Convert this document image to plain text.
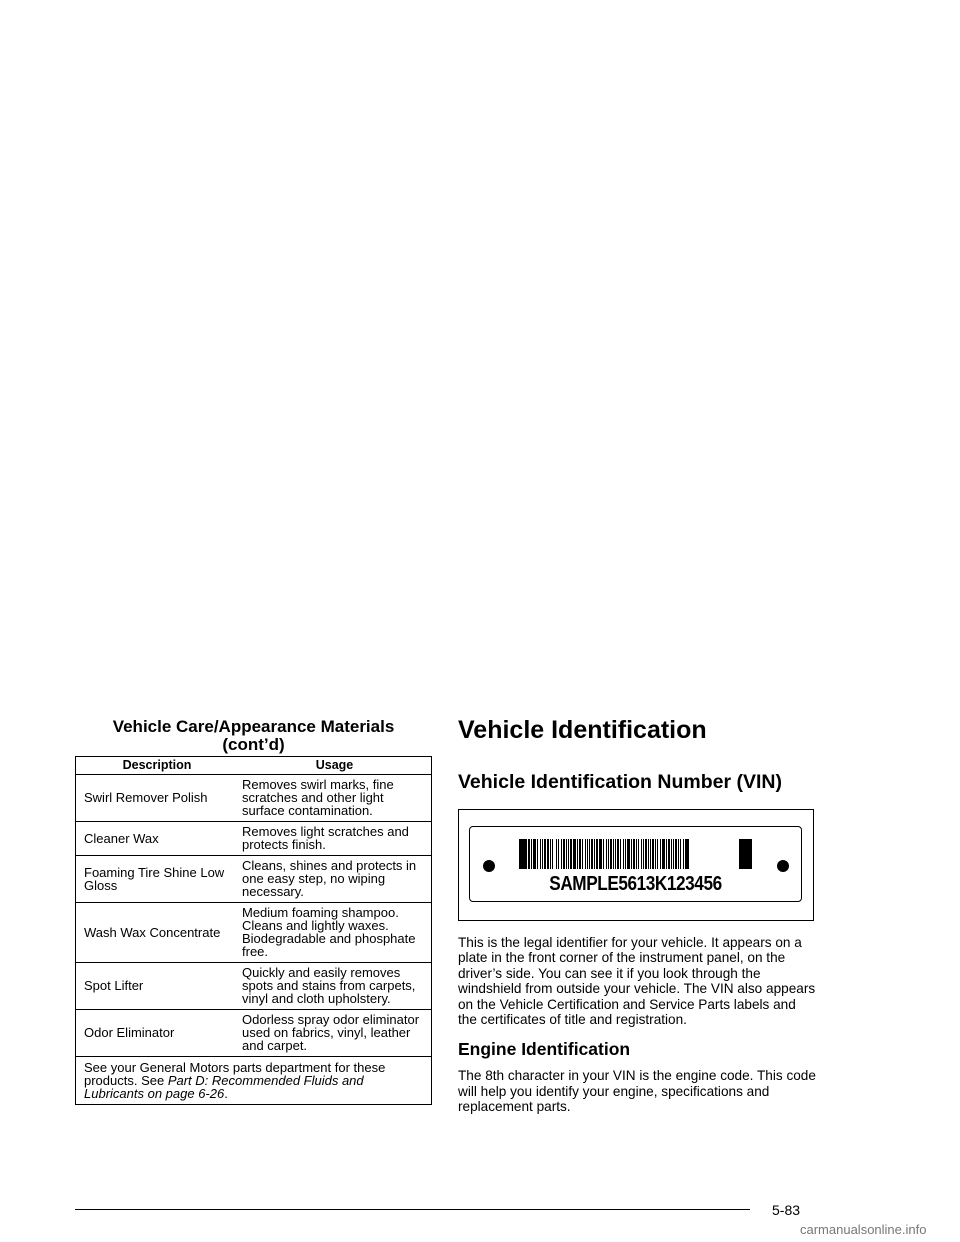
Vehicle Care/Appearance Materials
(cont’d)
Description	Usage
Swirl Remover Polish	Removes swirl marks, fine scratches and other light surface contamination.
Cleaner Wax	Removes light scratches and protects finish.
Foaming Tire Shine Low Gloss	Cleans, shines and protects in one easy step, no wiping necessary.
Wash Wax Concentrate	Medium foaming shampoo. Cleans and lightly waxes. Biodegradable and phosphate free.
Spot Lifter	Quickly and easily removes spots and stains from carpets, vinyl and cloth upholstery.
Odor Eliminator	Odorless spray odor eliminator used on fabrics, vinyl, leather and carpet.
See your General Motors parts department for these products. See Part D: Recommended Fluids and Lubricants on page 6-26.	
Vehicle Identification
Vehicle Identification Number (VIN)
SAMPLE5613K123456

This is the legal identifier for your vehicle. It appears on a plate in the front corner of the instrument panel, on the driver’s side. You can see it if you look through the windshield from outside your vehicle. The VIN also appears on the Vehicle Certification and Service Parts labels and the certificates of title and registration.

Engine Identification

The 8th character in your VIN is the engine code. This code will help you identify your engine, specifications and replacement parts.

5-83
carmanualsonline.info
